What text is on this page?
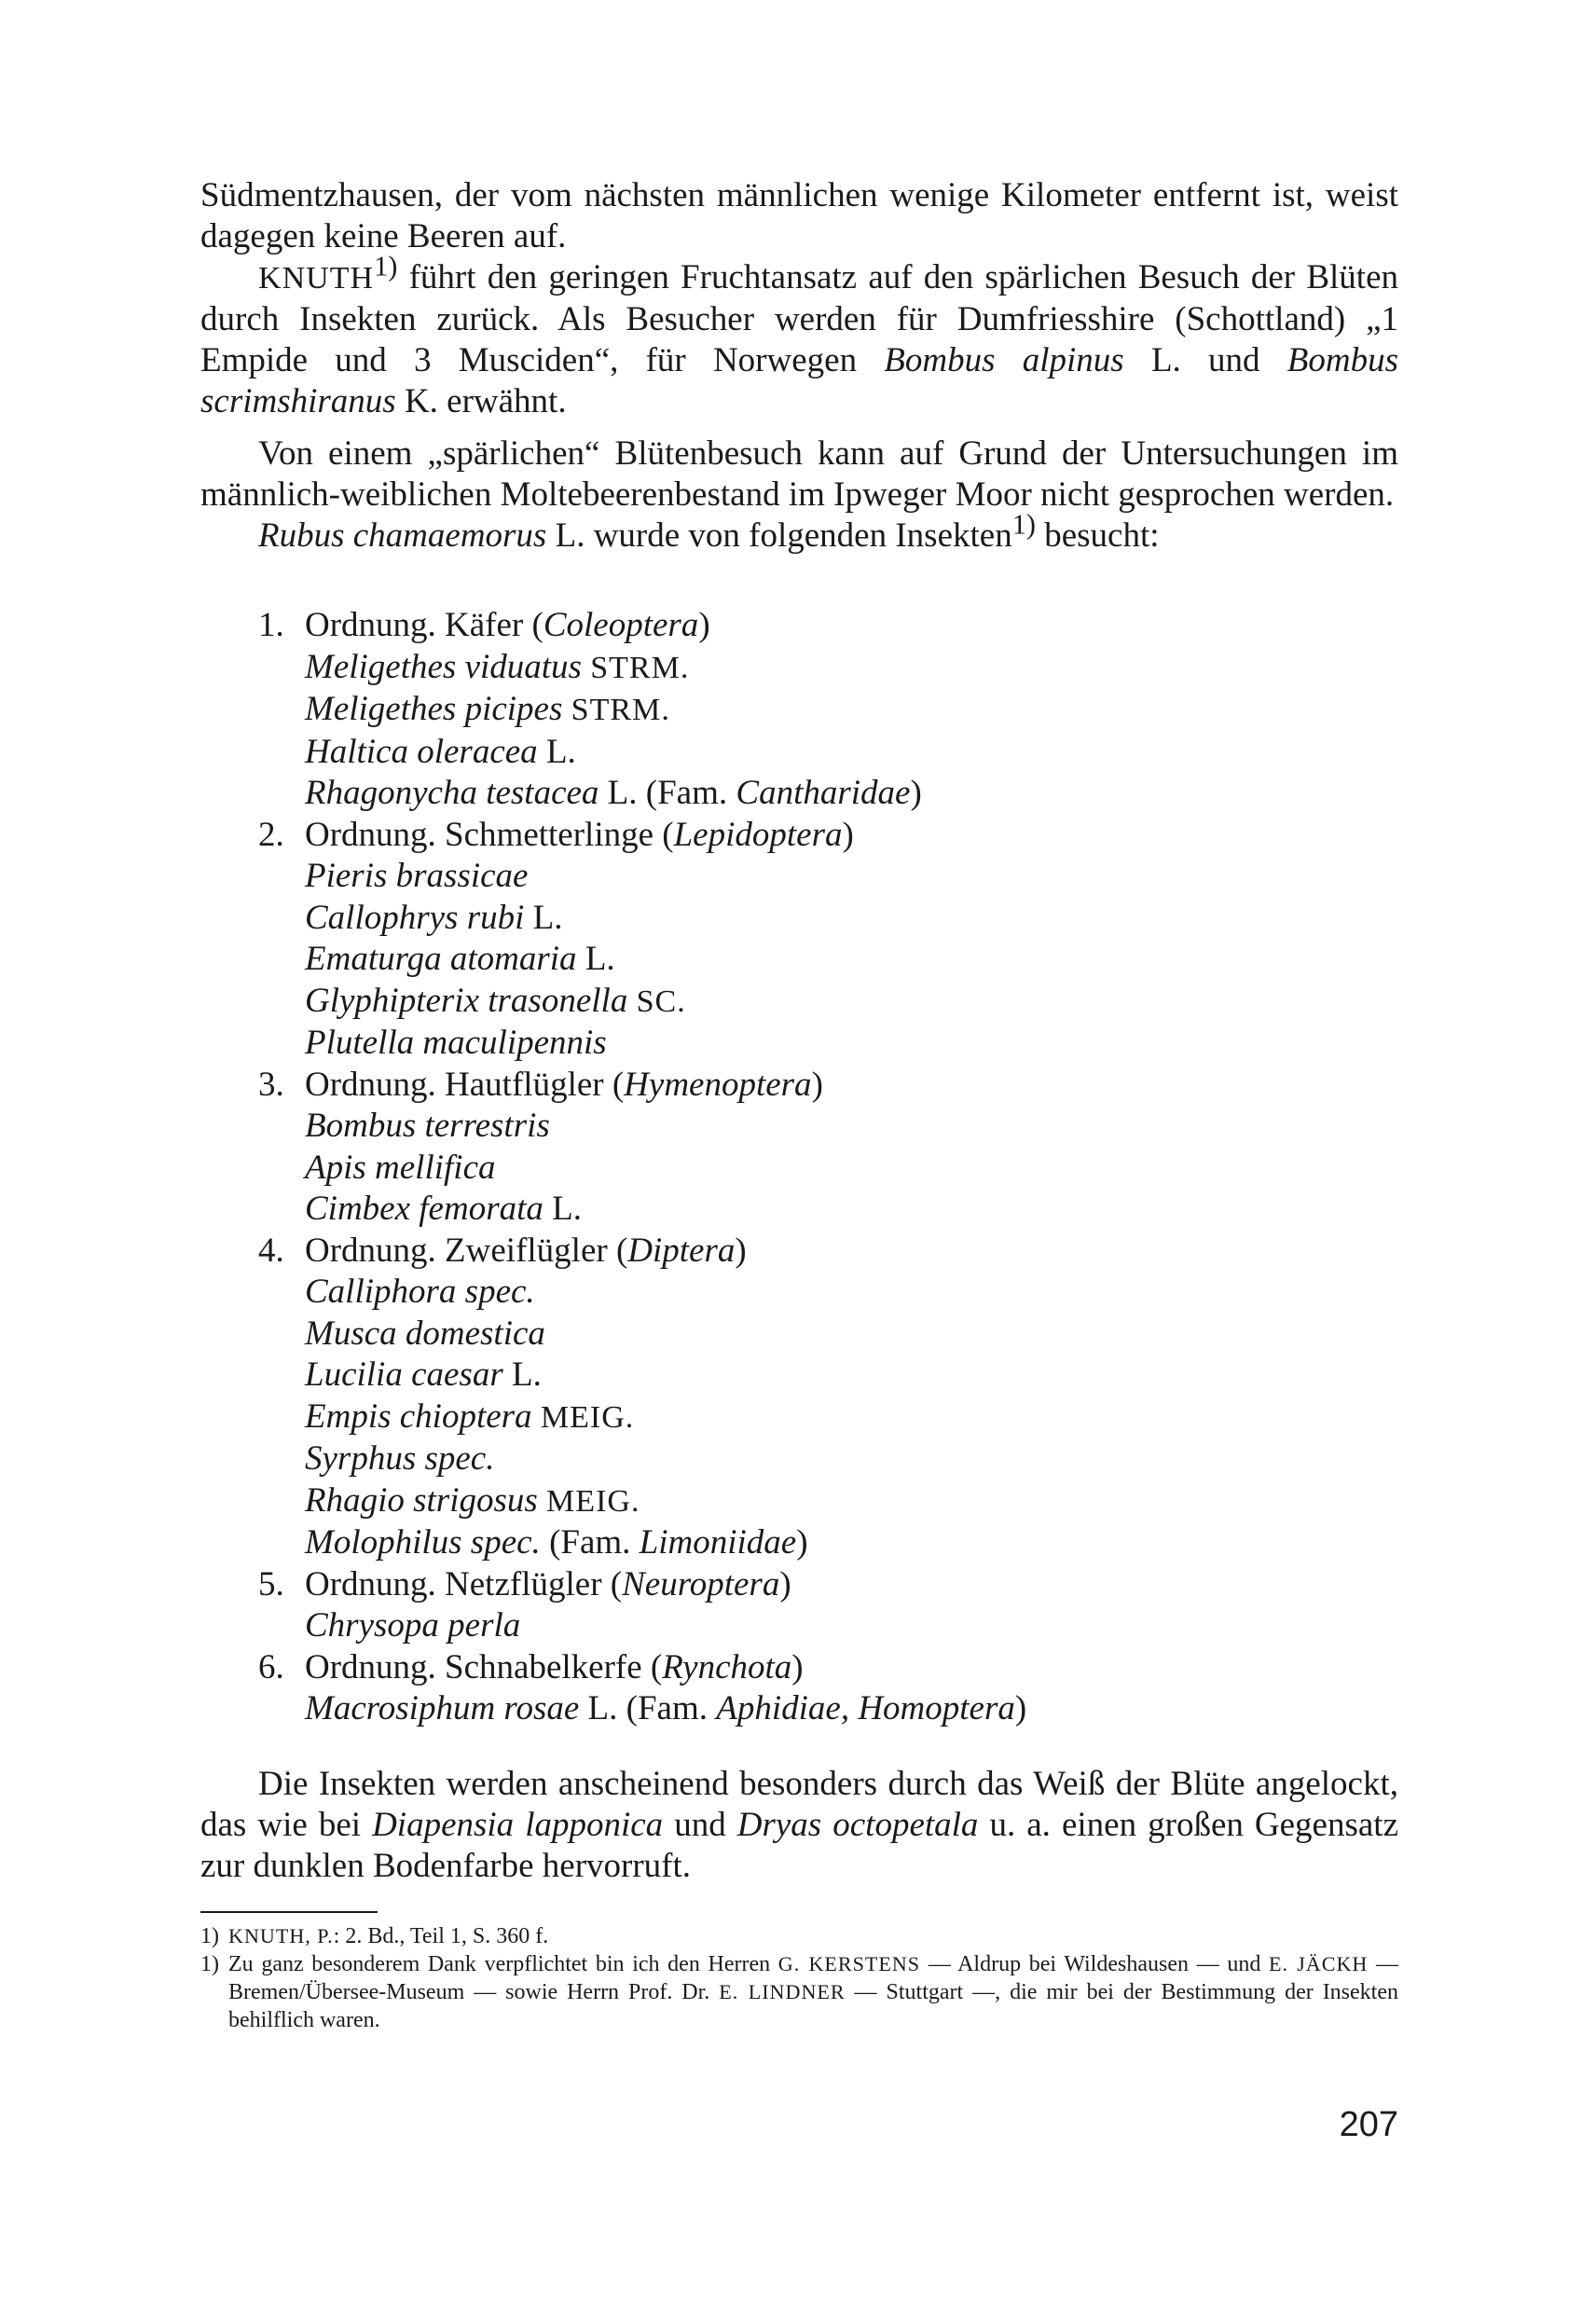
Südmentzhausen, der vom nächsten männlichen wenige Kilometer entfernt ist, weist dagegen keine Beeren auf.

KNUTH$^{1)}$ führt den geringen Fruchtansatz auf den spärlichen Besuch der Blüten durch Insekten zurück. Als Besucher werden für Dumfriesshire (Schottland) „1 Empide und 3 Musciden“, für Norwegen Bombus alpinus L. und Bombus scrimshiranus K. erwähnt.

Von einem „spärlichen“ Blütenbesuch kann auf Grund der Untersuchungen im männlich-weiblichen Moltebeerenbestand im Ipweger Moor nicht gesprochen werden.

Rubus chamaemorus L. wurde von folgenden Insekten$^{1)}$ besucht:

1. Ordnung. Käfer (Coleoptera)
Meligethes viduatus STRM.
Meligethes picipes STRM.
Haltica oleracea L.
Rhagonycha testacea L. (Fam. Cantharidae)
2. Ordnung. Schmetterlinge (Lepidoptera)
Pieris brassicae
Callophrys rubi L.
Ematurga atomaria L.
Glyphipterix trasonella SC.
Plutella maculipennis
3. Ordnung. Hautflügler (Hymenoptera)
Bombus terrestris
Apis mellifica
Cimbex femorata L.
4. Ordnung. Zweiflügler (Diptera)
Calliphora spec.
Musca domestica
Lucilia caesar L.
Empis chioptera MEIG.
Syrphus spec.
Rhagio strigosus MEIG.
Molophilus spec. (Fam. Limoniidae)
5. Ordnung. Netzflügler (Neuroptera)
Chrysopa perla
6. Ordnung. Schnabelkerfe (Rynchota)
Macrosiphum rosae L. (Fam. Aphidiae, Homoptera)

Die Insekten werden anscheinend besonders durch das Weiß der Blüte angelockt, das wie bei Diapensia lapponica und Dryas octopetala u. a. einen großen Gegensatz zur dunklen Bodenfarbe hervorruft.

1) KNUTH, P.: 2. Bd., Teil 1, S. 360 f.

1) Zu ganz besonderem Dank verpflichtet bin ich den Herren G. KERSTENS — Aldrup bei Wildeshausen — und E. JÄCKH — Bremen/Übersee-Museum — sowie Herrn Prof. Dr. E. LINDNER — Stuttgart —, die mir bei der Bestimmung der Insekten behilflich waren.

207
